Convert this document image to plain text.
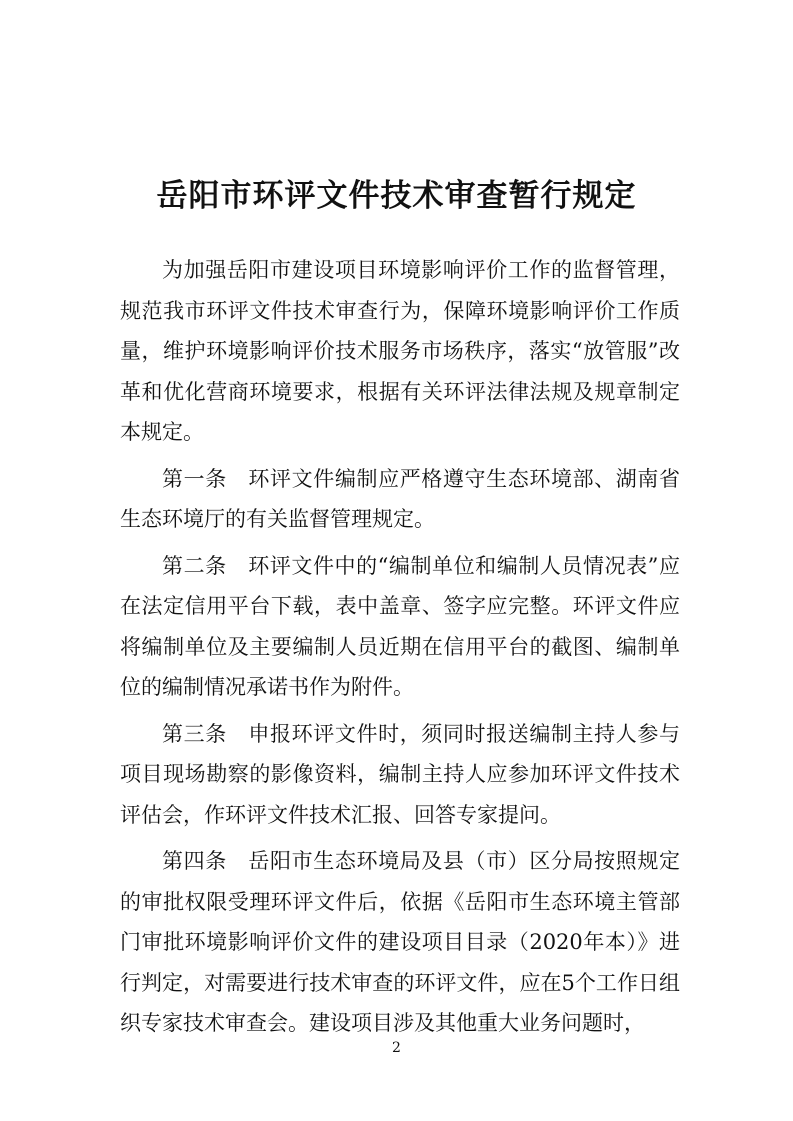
岳阳市环评文件技术审查暂行规定

为加强岳阳市建设项目环境影响评价工作的监督管理，规范我市环评文件技术审查行为，保障环境影响评价工作质量，维护环境影响评价技术服务市场秩序，落实“放管服”改革和优化营商环境要求，根据有关环评法律法规及规章制定本规定。

第一条　环评文件编制应严格遵守生态环境部、湖南省生态环境厅的有关监督管理规定。

第二条　环评文件中的“编制单位和编制人员情况表”应在法定信用平台下载，表中盖章、签字应完整。环评文件应将编制单位及主要编制人员近期在信用平台的截图、编制单位的编制情况承诺书作为附件。

第三条　申报环评文件时，须同时报送编制主持人参与项目现场勘察的影像资料，编制主持人应参加环评文件技术评估会，作环评文件技术汇报、回答专家提问。

第四条　岳阳市生态环境局及县（市）区分局按照规定的审批权限受理环评文件后，依据《岳阳市生态环境主管部门审批环境影响评价文件的建设项目目录（2020年本）》进行判定，对需要进行技术审查的环评文件，应在5个工作日组织专家技术审查会。建设项目涉及其他重大业务问题时，

2
